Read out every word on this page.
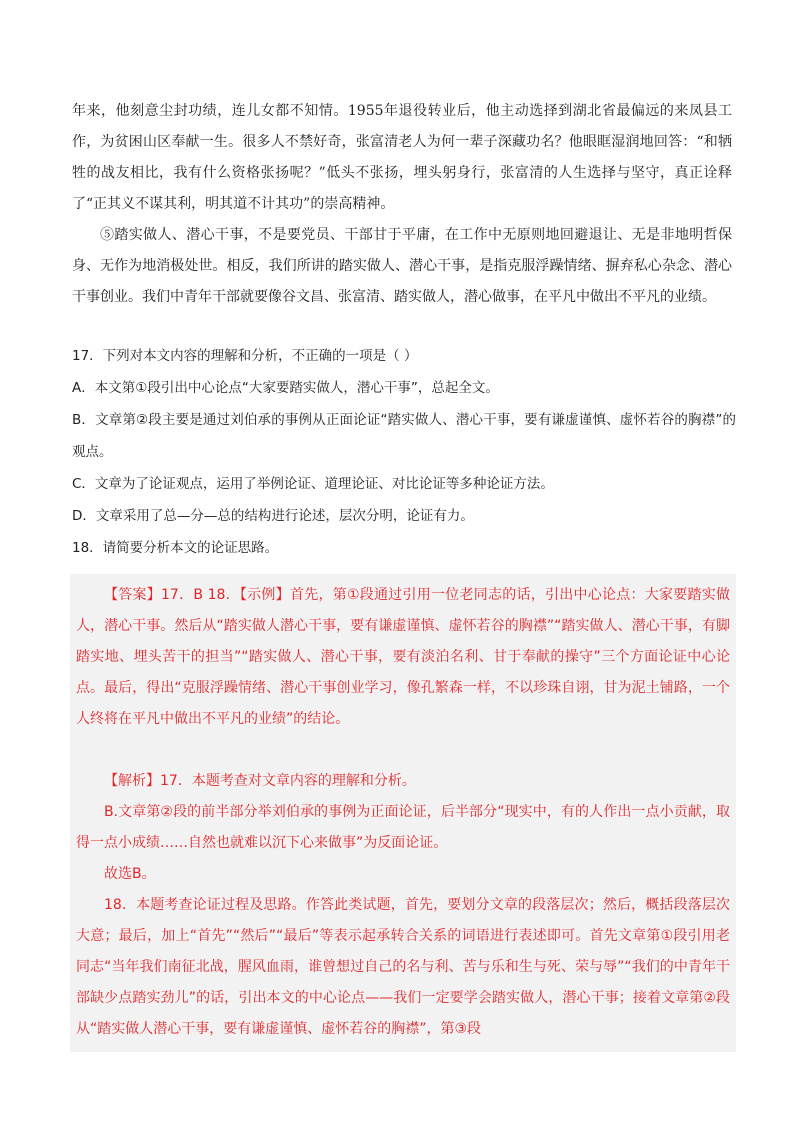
年来，他刻意尘封功绩，连儿女都不知情。1955年退役转业后，他主动选择到湖北省最偏远的来凤县工作，为贫困山区奉献一生。很多人不禁好奇，张富清老人为何一辈子深藏功名？他眼眶湿润地回答：“和牺牲的战友相比，我有什么资格张扬呢？”低头不张扬，埋头躬身行，张富清的人生选择与坚守，真正诠释了“正其义不谋其利，明其道不计其功”的崇高精神。

⑤踏实做人、潜心干事，不是要党员、干部甘于平庸，在工作中无原则地回避退让、无是非地明哲保身、无作为地消极处世。相反，我们所讲的踏实做人、潜心干事，是指克服浮躁情绪、摒弃私心杂念、潜心干事创业。我们中青年干部就要像谷文昌、张富清、踏实做人，潜心做事，在平凡中做出不平凡的业绩。

17．下列对本文内容的理解和分析，不正确的一项是（ ）

A．本文第①段引出中心论点“大家要踏实做人，潜心干事”，总起全文。

B．文章第②段主要是通过刘伯承的事例从正面论证“踏实做人、潜心干事，要有谦虚谨慎、虚怀若谷的胸襟”的观点。

C．文章为了论证观点，运用了举例论证、道理论证、对比论证等多种论证方法。

D．文章采用了总—分—总的结构进行论述，层次分明，论证有力。

18．请简要分析本文的论证思路。

【答案】17．B 18．【示例】首先，第①段通过引用一位老同志的话，引出中心论点：大家要踏实做人，潜心干事。然后从“踏实做人潜心干事，要有谦虚谨慎、虚怀若谷的胸襟”“踏实做人、潜心干事，有脚踏实地、埋头苦干的担当”“踏实做人、潜心干事，要有淡泊名利、甘于奉献的操守”三个方面论证中心论点。最后，得出“克服浮躁情绪、潜心干事创业学习，像孔繁森一样，不以珍珠自诩，甘为泥土铺路，一个人终将在平凡中做出不平凡的业绩”的结论。

【解析】17．本题考查对文章内容的理解和分析。

B.文章第②段的前半部分举刘伯承的事例为正面论证，后半部分“现实中，有的人作出一点小贡献，取得一点小成绩……自然也就难以沉下心来做事”为反面论证。

故选B。

18．本题考查论证过程及思路。作答此类试题，首先，要划分文章的段落层次；然后，概括段落层次大意；最后，加上“首先”“然后”“最后”等表示起承转合关系的词语进行表述即可。首先文章第①段引用老同志“当年我们南征北战，腥风血雨，谁曾想过自己的名与利、苦与乐和生与死、荣与辱”“我们的中青年干部缺少点踏实劲儿”的话，引出本文的中心论点——我们一定要学会踏实做人，潜心干事；接着文章第②段从“踏实做人潜心干事，要有谦虚谨慎、虚怀若谷的胸襟”，第③段
